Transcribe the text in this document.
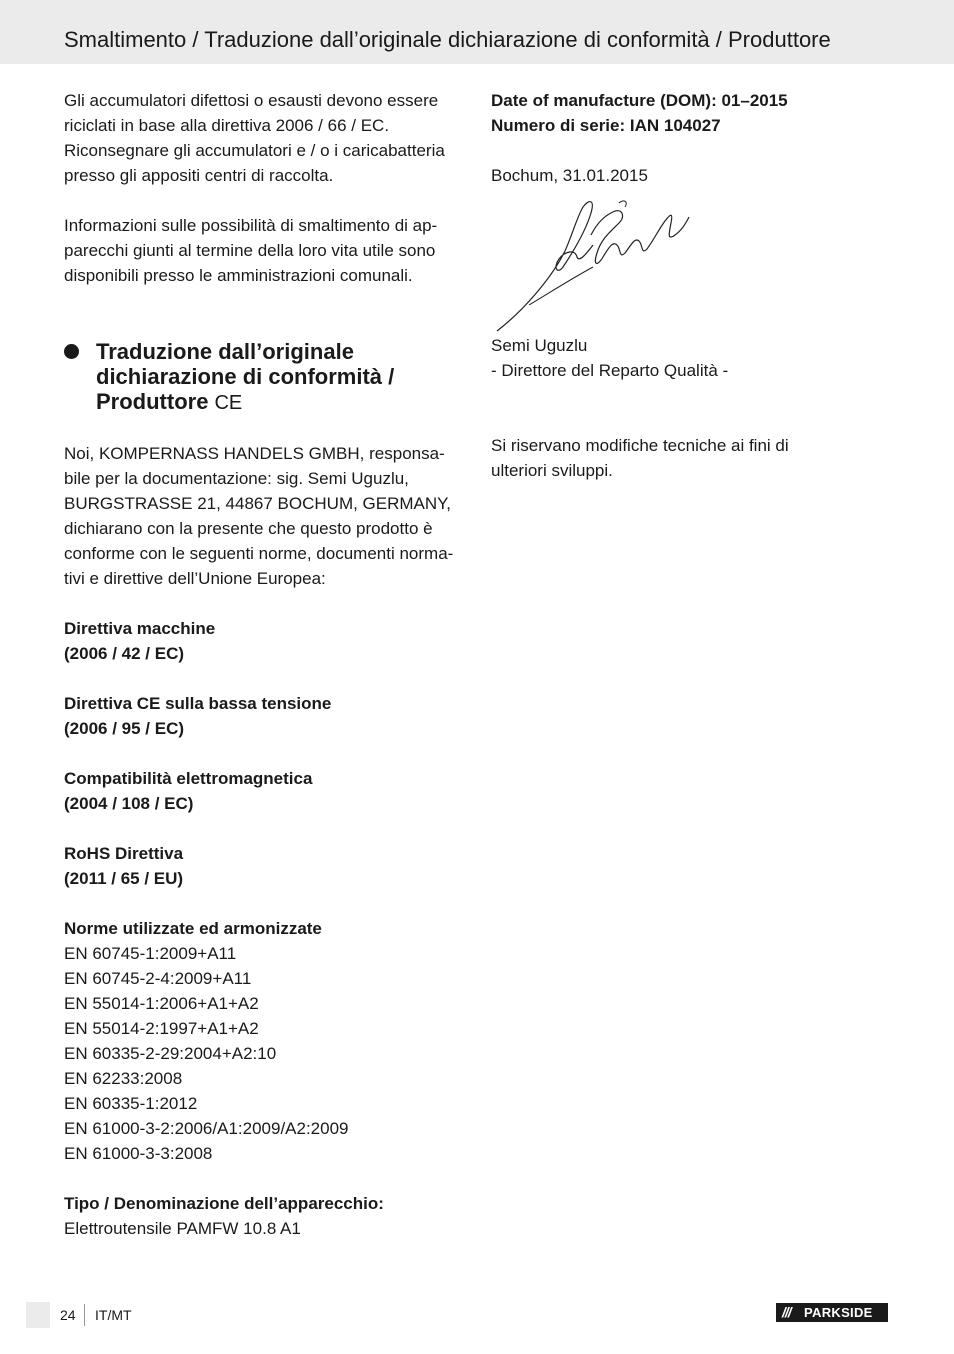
Smaltimento / Traduzione dall’originale dichiarazione di conformità / Produttore

Gli accumulatori difettosi o esausti devono essere
riciclati in base alla direttiva 2006 / 66 / EC.
Riconsegnare gli accumulatori e / o i caricabatteria
presso gli appositi centri di raccolta.

Informazioni sulle possibilità di smaltimento di ap-
parecchi giunti al termine della loro vita utile sono
disponibili presso le amministrazioni comunali.

Traduzione dall’originale
dichiarazione di conformità /
Produttore CE

Noi, KOMPERNASS HANDELS GMBH, responsa-
bile per la documentazione: sig. Semi Uguzlu,
BURGSTRASSE 21, 44867 BOCHUM, GERMANY,
dichiarano con la presente che questo prodotto è
conforme con le seguenti norme, documenti norma-
tivi e direttive dell’Unione Europea:

Direttiva macchine
(2006 / 42 / EC)

Direttiva CE sulla bassa tensione
(2006 / 95 / EC)

Compatibilità elettromagnetica
(2004 / 108 / EC)

RoHS Direttiva
(2011 / 65 / EU)

Norme utilizzate ed armonizzate
EN 60745-1:2009+A11
EN 60745-2-4:2009+A11
EN 55014-1:2006+A1+A2
EN 55014-2:1997+A1+A2
EN 60335-2-29:2004+A2:10
EN 62233:2008
EN 60335-1:2012
EN 61000-3-2:2006/A1:2009/A2:2009
EN 61000-3-3:2008

Tipo / Denominazione dell’apparecchio:
Elettroutensile PAMFW 10.8 A1

Date of manufacture (DOM): 01–2015
Numero di serie: IAN 104027

Bochum, 31.01.2015

Semi Uguzlu
- Direttore del Reparto Qualità -

Si riservano modifiche tecniche ai fini di
ulteriori sviluppi.

24 IT/MT	/// PARKSIDE
